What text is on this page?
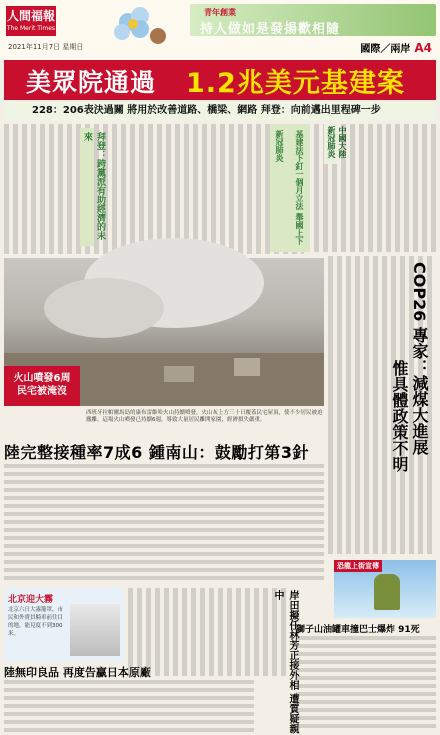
人間福報
The Merit Times
2021年11月7日 星期日
青年創業
持人做如是發揚歡相隨
國際／兩岸 A4
美眾院通過 1.2兆美元基建案
228：206表決過關 將用於改善道路、橋梁、網路 拜登：向前邁出里程碑一步
拜登：跨黨派有助經濟的未來	基建法下釘一個月立法 舉國上下
新冠肺炎	中國大陸新冠肺炎
COP26 專家：減煤大進展
惟具體政策不明
火山噴發6周
民宅被淹沒
西班牙拉帕爾馬島的康布雷維哈火山持續噴發，火山灰上方三十日覆蓋民宅屋頂，使不少居民被迫撤離。這場火山噴發已持續6週，導致大量居民離開家園，經濟損失嚴重。
陸完整接種率7成6 鍾南山：鼓勵打第3針
北京迎大霧
北京六日大霧籠罩，市民和外賣員騎車前往目的地，能見度不到300米。
陸無印良品 再度告贏日本原廠	岸田擬任林芳正接外相 遭質疑親中
恐龍上街宣傳
獅子山油罐車撞巴士爆炸 91死
